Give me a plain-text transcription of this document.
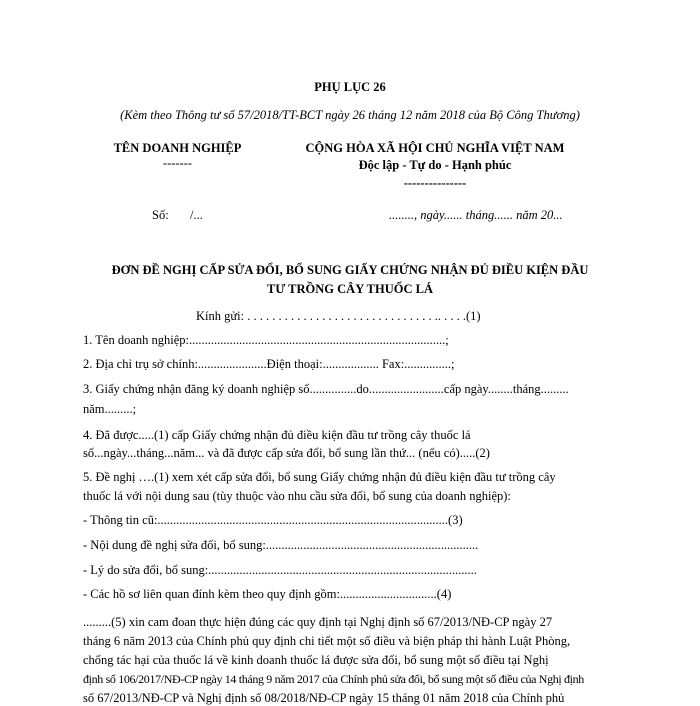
PHỤ LỤC 26
(Kèm theo Thông tư số 57/2018/TT-BCT ngày 26 tháng 12 năm 2018 của Bộ Công Thương)
TÊN DOANH NGHIỆP
-------
CỘNG HÒA XÃ HỘI CHỦ NGHĨA VIỆT NAM
Độc lập - Tự do - Hạnh phúc
---------------
Số: /...	........, ngày...... tháng...... năm 20...
ĐƠN ĐỀ NGHỊ CẤP SỬA ĐỔI, BỔ SUNG GIẤY CHỨNG NHẬN ĐỦ ĐIỀU KIỆN ĐẦU
TƯ TRỒNG CÂY THUỐC LÁ
Kính gửi: . . . . . . . . . . . . . . . . . . . . . . . . . . . . . . .. . . . .(1)
1. Tên doanh nghiệp:..................................................................................;
2. Địa chỉ trụ sở chính:......................Điện thoại:.................. Fax:...............;
3. Giấy chứng nhận đăng ký doanh nghiệp số...............do........................cấp ngày........tháng.........
năm.........;
4. Đã được.....(1) cấp Giấy chứng nhận đủ điều kiện đầu tư trồng cây thuốc lá
số...ngày...tháng...năm... và đã được cấp sửa đổi, bổ sung lần thứ... (nếu có).....(2)
5. Đề nghị ….(1) xem xét cấp sửa đổi, bổ sung Giấy chứng nhận đủ điều kiện đầu tư trồng cây
thuốc lá với nội dung sau (tùy thuộc vào nhu cầu sửa đổi, bổ sung của doanh nghiệp):
- Thông tin cũ:.............................................................................................(3)
- Nội dung đề nghị sửa đổi, bổ sung:....................................................................
- Lý do sửa đổi, bổ sung:......................................................................................
- Các hồ sơ liên quan đính kèm theo quy định gồm:...............................(4)
.........(5) xin cam đoan thực hiện đúng các quy định tại Nghị định số 67/2013/NĐ-CP ngày 27
tháng 6 năm 2013 của Chính phủ quy định chi tiết một số điều và biện pháp thi hành Luật Phòng,
chống tác hại của thuốc lá về kinh doanh thuốc lá được sửa đổi, bổ sung một số điều tại Nghị
định số 106/2017/NĐ-CP ngày 14 tháng 9 năm 2017 của Chính phủ sửa đổi, bổ sung một số điều của Nghị định
số 67/2013/NĐ-CP và Nghị định số 08/2018/NĐ-CP ngày 15 tháng 01 năm 2018 của Chính phủ
